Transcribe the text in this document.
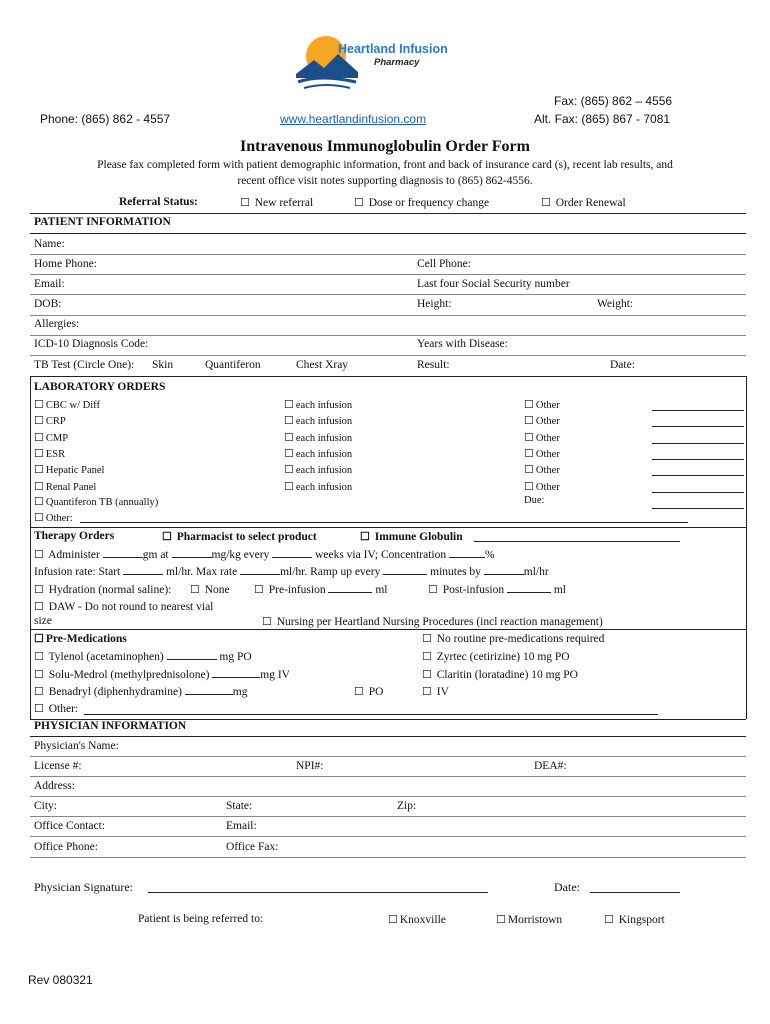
Heartland Infusion
Pharmacy
Phone: (865) 862 - 4557	www.heartlandinfusion.com
Fax: (865) 862 – 4556
Alt. Fax: (865) 867 - 7081
Intravenous Immunoglobulin Order Form
Please fax completed form with patient demographic information, front and back of insurance card (s), recent lab results, and
recent office visit notes supporting diagnosis to (865) 862-4556.
Referral Status:	☐ New referral	☐ Dose or frequency change	☐ Order Renewal
PATIENT INFORMATION
Name:
Home Phone:	Cell Phone:
Email:	Last four Social Security number
DOB:	Height:	Weight:
Allergies:
ICD-10 Diagnosis Code:	Years with Disease:
TB Test (Circle One): Skin	Quantiferon	Chest Xray	Result:	Date:
LABORATORY ORDERS
☐ CBC w/ Diff	☐ each infusion	☐ Other
☐ CRP	☐ each infusion	☐ Other
☐ CMP	☐ each infusion	☐ Other
☐ ESR	☐ each infusion	☐ Other
☐ Hepatic Panel	☐ each infusion	☐ Other
☐ Renal Panel	☐ each infusion	☐ Other
☐ Quantiferon TB (annually)	Due:
☐ Other:
Therapy Orders	☐ Pharmacist to select product	☐ Immune Globulin
☐ Administer	gm at	mg/kg every	weeks via IV; Concentration	%
Infusion rate: Start	ml/hr. Max rate	ml/hr. Ramp up every	minutes by	ml/hr
☐ Hydration (normal saline): ☐ None ☐ Pre-infusion	ml	☐ Post-infusion	ml
☐ DAW - Do not round to nearest vial
size	☐ Nursing per Heartland Nursing Procedures (incl reaction management)
☐ Pre-Medications	☐ No routine pre-medications required
☐ Tylenol (acetaminophen)	mg PO	☐ Zyrtec (cetirizine) 10 mg PO
☐ Solu-Medrol (methylprednisolone)	mg IV	☐ Claritin (loratadine) 10 mg PO
☐ Benadryl (diphenhydramine)	mg	☐ PO	☐ IV
☐ Other:
PHYSICIAN INFORMATION
Physician's Name:
License #:	NPI#:	DEA#:
Address:
City:	State:	Zip:
Office Contact:	Email:
Office Phone:	Office Fax:
Physician Signature:	Date:
Patient is being referred to:	☐ Knoxville	☐ Morristown	☐ Kingsport
Rev 080321
